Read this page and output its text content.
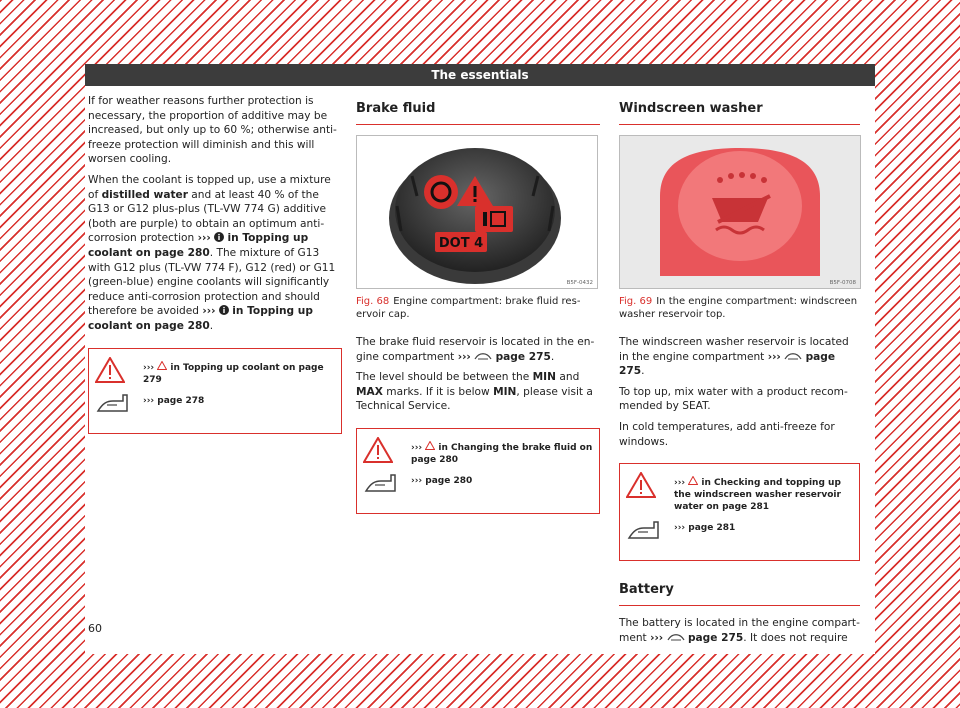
The essentials

If for weather reasons further protection is necessary, the proportion of additive may be increased, but only up to 60 %; otherwise antifreeze protection will diminish and this will worsen cooling.

When the coolant is topped up, use a mixture of distilled water and at least 40 % of the G13 or G12 plus-plus (TL-VW 774 G) additive (both are purple) to obtain an optimum anti-corrosion protection ››› in Topping up coolant on page 280. The mixture of G13 with G12 plus (TL-VW 774 F), G12 (red) or G11 (green-blue) engine coolants will significantly reduce anti-corrosion protection and should therefore be avoided ››› in Topping up coolant on page 280.

›››  in Topping up coolant on page 279
››› page 278
Brake fluid
DOT 4
B5F-0432
Fig. 68 Engine compartment: brake fluid reservoir cap.

The brake fluid reservoir is located in the engine compartment ››› page 275.

The level should be between the MIN and MAX marks. If it is below MIN, please visit a Technical Service.

›››  in Changing the brake fluid on page 280
››› page 280
Windscreen washer
B5F-0708
Fig. 69 In the engine compartment: windscreen washer reservoir top.

The windscreen washer reservoir is located in the engine compartment ››› page 275.

To top up, mix water with a product recommended by SEAT.

In cold temperatures, add anti-freeze for windows.

›››  in Checking and topping up the windscreen washer reservoir water on page 281
››› page 281
Battery

The battery is located in the engine compartment ››› page 275. It does not require

60
